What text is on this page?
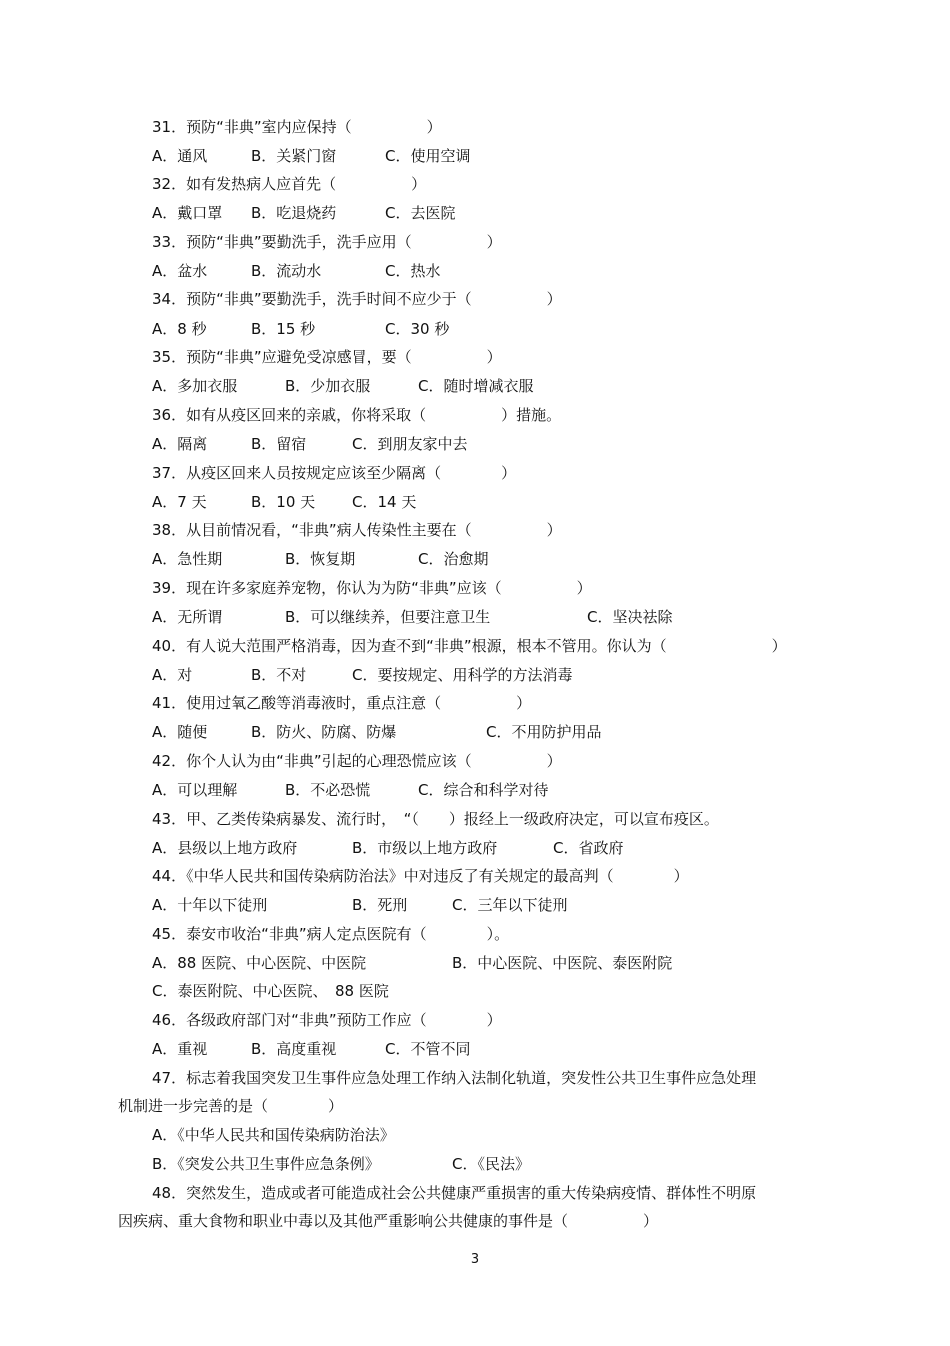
31．预防“非典”室内应保持（　　　　　）

A．通风

	B．关紧门窗

	C．使用空调

32．如有发热病人应首先（　　　　　）

A．戴口罩

B．吃退烧药

	C．去医院

33．预防“非典”要勤洗手，洗手应用（　　　　　）

A．盆水

	B．流动水

	C．热水

34．预防“非典”要勤洗手，洗手时间不应少于（　　　　　）

A．8 秒

	B．15 秒

	C．30 秒

35．预防“非典”应避免受凉感冒，要（　　　　　）

A．多加衣服

	B．少加衣服

	C．随时增减衣服

36．如有从疫区回来的亲戚，你将采取（　　　　　）措施。

A．隔离

	B．留宿

	C．到朋友家中去

37．从疫区回来人员按规定应该至少隔离（　　　　）

A．7 天

	B．10 天

C．14 天

38．从目前情况看，“非典”病人传染性主要在（　　　　　）

A．急性期

	B．恢复期

	C．治愈期

39．现在许多家庭养宠物，你认为为防“非典”应该（　　　　　）

A．无所谓

	B．可以继续养，但要注意卫生

	C．坚决祛除

40．有人说大范围严格消毒，因为查不到“非典”根源，根本不管用。你认为（　　　　　　　）

A．对

	B．不对

	C．要按规定、用科学的方法消毒

41．使用过氧乙酸等消毒液时，重点注意（　　　　　）

A．随便

	B．防火、防腐、防爆

	C．不用防护用品

42．你个人认为由“非典”引起的心理恐慌应该（　　　　　）

A．可以理解

	B．不必恐慌

	C．综合和科学对待

43．甲、乙类传染病暴发、流行时，　“（　　）报经上一级政府决定，可以宣布疫区。

A．县级以上地方政府

	B．市级以上地方政府

	C．省政府

44．《中华人民共和国传染病防治法》中对违反了有关规定的最高判（　　　　）

A．十年以下徒刑

	B．死刑

	C．三年以下徒刑

45．泰安市收治“非典”病人定点医院有（　　　　）。

A．88 医院、中心医院、中医院

	B．中心医院、中医院、泰医附院

C．泰医附院、中心医院、　88 医院
46．各级政府部门对“非典”预防工作应（　　　　）

A．重视

	B．高度重视

	C．不管不同

47．标志着我国突发卫生事件应急处理工作纳入法制化轨道，突发性公共卫生事件应急处理
机制进一步完善的是（　　　　）
A．《中华人民共和国传染病防治法》

B．《突发公共卫生事件应急条例》

	C．《民法》

48．突然发生，造成或者可能造成社会公共健康严重损害的重大传染病疫情、群体性不明原
因疾病、重大食物和职业中毒以及其他严重影响公共健康的事件是（　　　　　）
3
